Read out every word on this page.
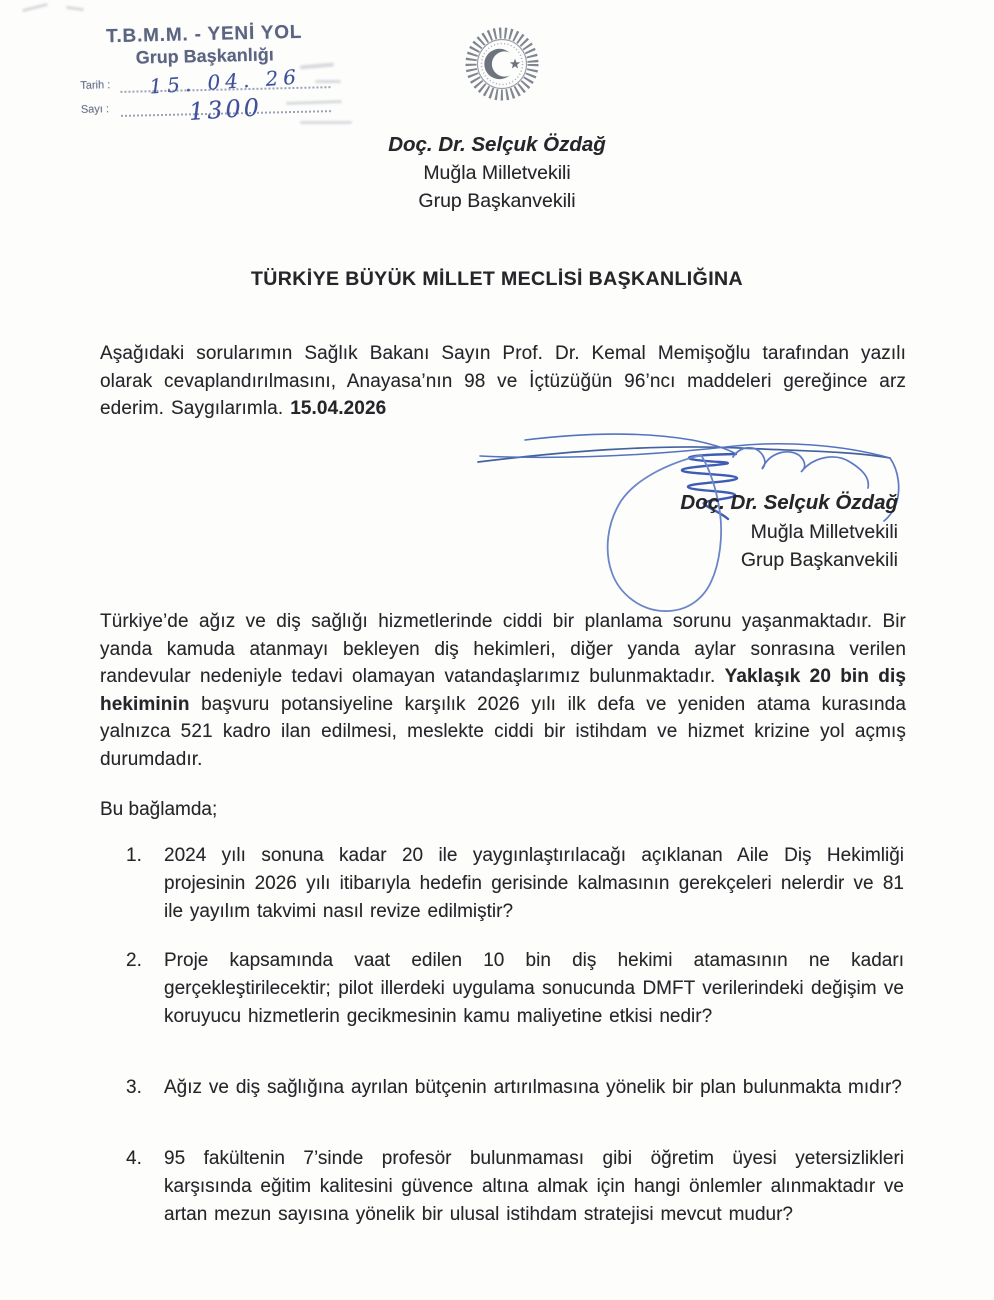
T.B.M.M. - YENİ YOL
Grup Başkanlığı
Tarih :	15. 04. 26
Sayı :	1300
Doç. Dr. Selçuk Özdağ
Muğla Milletvekili
Grup Başkanvekili
TÜRKİYE BÜYÜK MİLLET MECLİSİ BAŞKANLIĞINA

Aşağıdaki sorularımın Sağlık Bakanı Sayın Prof. Dr. Kemal Memişoğlu tarafından yazılı olarak cevaplandırılmasını, Anayasa’nın 98 ve İçtüzüğün 96’ncı maddeleri gereğince arz ederim. Saygılarımla. 15.04.2026

Doç. Dr. Selçuk Özdağ
Muğla Milletvekili
Grup Başkanvekili

Türkiye’de ağız ve diş sağlığı hizmetlerinde ciddi bir planlama sorunu yaşanmaktadır. Bir yanda kamuda atanmayı bekleyen diş hekimleri, diğer yanda aylar sonrasına verilen randevular nedeniyle tedavi olamayan vatandaşlarımız bulunmaktadır. Yaklaşık 20 bin diş hekiminin başvuru potansiyeline karşılık 2026 yılı ilk defa ve yeniden atama kurasında yalnızca 521 kadro ilan edilmesi, meslekte ciddi bir istihdam ve hizmet krizine yol açmış durumdadır.

Bu bağlamda;
1.	2024 yılı sonuna kadar 20 ile yaygınlaştırılacağı açıklanan Aile Diş Hekimliği projesinin 2026 yılı itibarıyla hedefin gerisinde kalmasının gerekçeleri nelerdir ve 81 ile yayılım takvimi nasıl revize edilmiştir?

2.	Proje kapsamında vaat edilen 10 bin diş hekimi atamasının ne kadarı gerçekleştirilecektir; pilot illerdeki uygulama sonucunda DMFT verilerindeki değişim ve koruyucu hizmetlerin gecikmesinin kamu maliyetine etkisi nedir?

3.	Ağız ve diş sağlığına ayrılan bütçenin artırılmasına yönelik bir plan bulunmakta mıdır?

4.	95 fakültenin 7’sinde profesör bulunmaması gibi öğretim üyesi yetersizlikleri karşısında eğitim kalitesini güvence altına almak için hangi önlemler alınmaktadır ve artan mezun sayısına yönelik bir ulusal istihdam stratejisi mevcut mudur?
